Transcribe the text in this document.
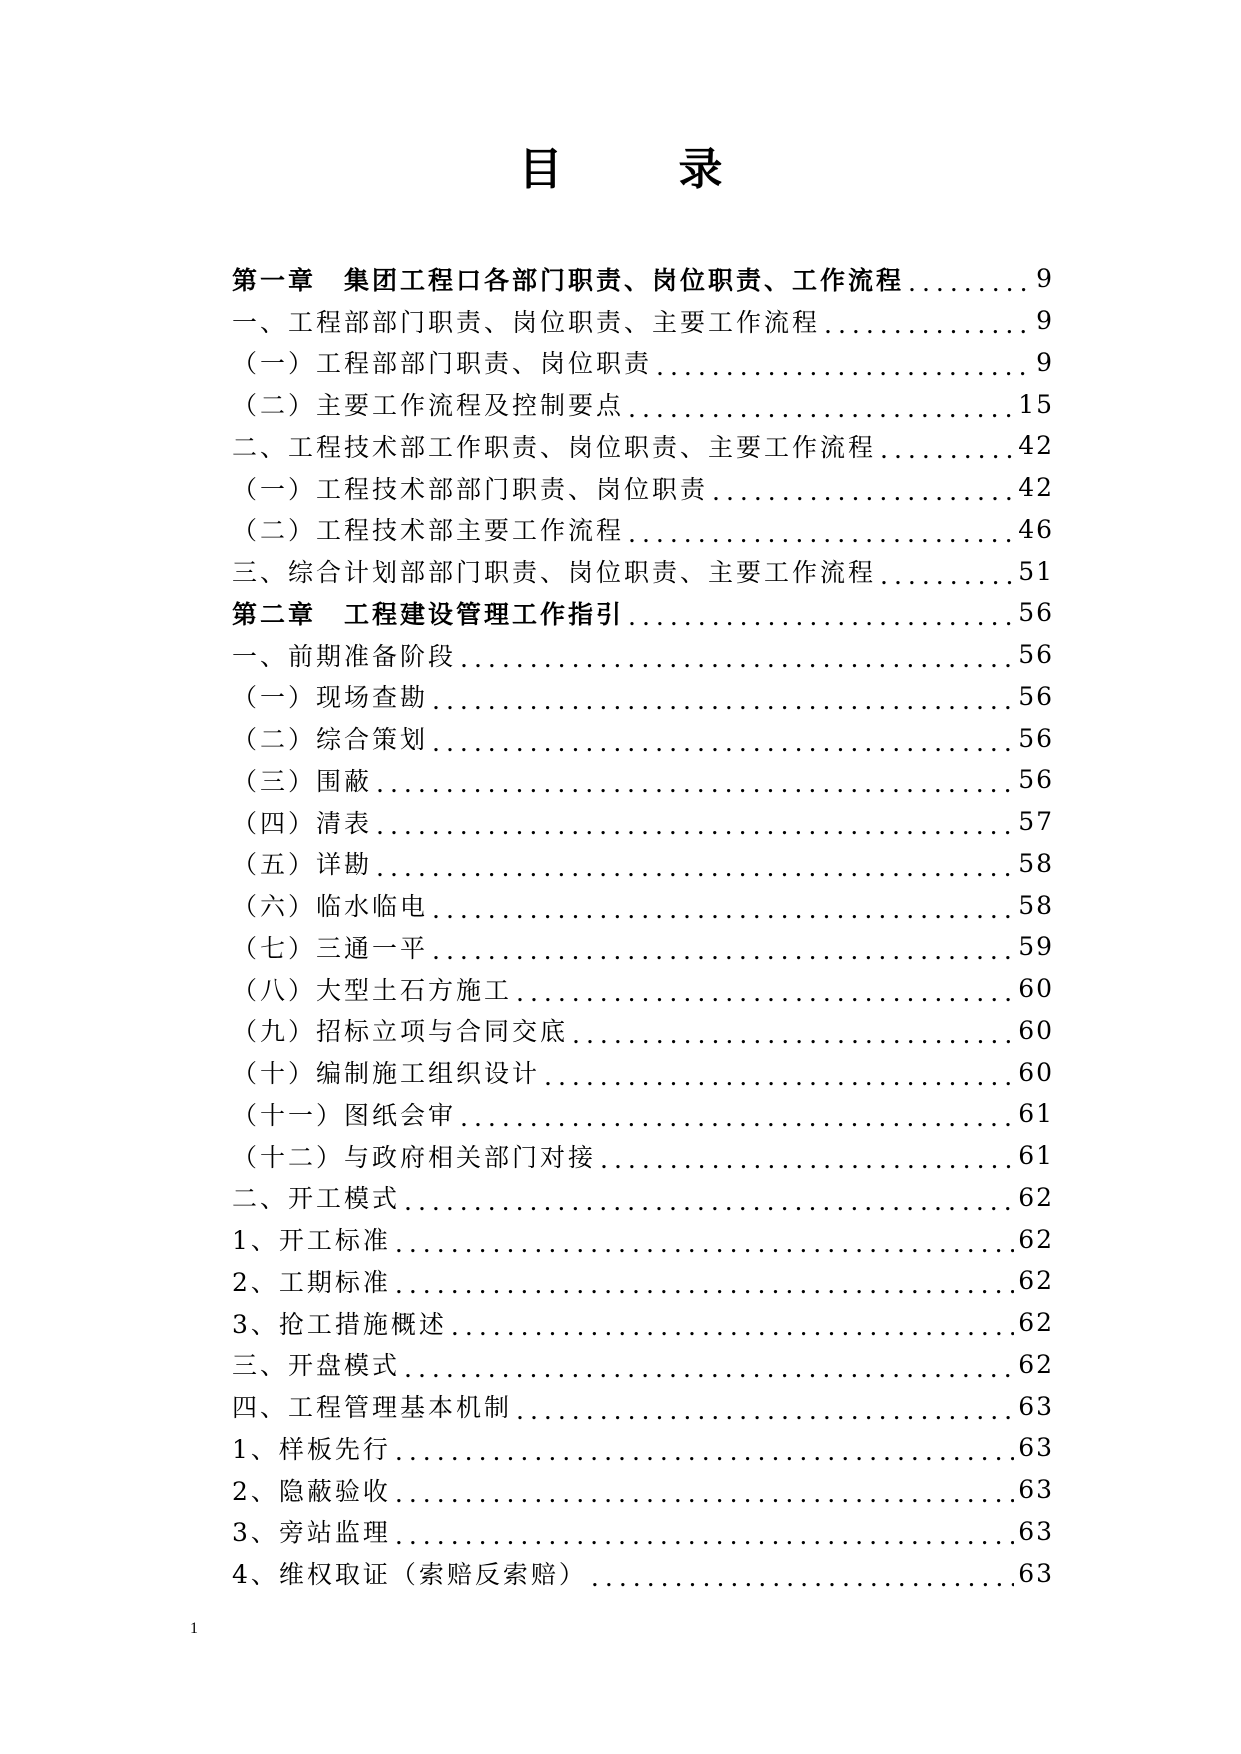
目　录
第一章　集团工程口各部门职责、岗位职责、工作流程 .....	9
一、工程部部门职责、岗位职责、主要工作流程 .....	9
（一）工程部部门职责、岗位职责 .....	9
（二）主要工作流程及控制要点 .....	15
二、工程技术部工作职责、岗位职责、主要工作流程 .....	42
（一）工程技术部部门职责、岗位职责 .....	42
（二）工程技术部主要工作流程 .....	46
三、综合计划部部门职责、岗位职责、主要工作流程 .....	51
第二章　工程建设管理工作指引 .....	56
一、前期准备阶段 .....	56
（一）现场查勘 .....	56
（二）综合策划 .....	56
（三）围蔽 .....	56
（四）清表 .....	57
（五）详勘 .....	58
（六）临水临电 .....	58
（七）三通一平 .....	59
（八）大型土石方施工 .....	60
（九）招标立项与合同交底 .....	60
（十）编制施工组织设计 .....	60
（十一）图纸会审 .....	61
（十二）与政府相关部门对接 .....	61
二、开工模式 .....	62
1、开工标准 .....	62
2、工期标准 .....	62
3、抢工措施概述 .....	62
三、开盘模式 .....	62
四、工程管理基本机制 .....	63
1、样板先行 .....	63
2、隐蔽验收 .....	63
3、旁站监理 .....	63
4、维权取证（索赔反索赔） .....	63
1
